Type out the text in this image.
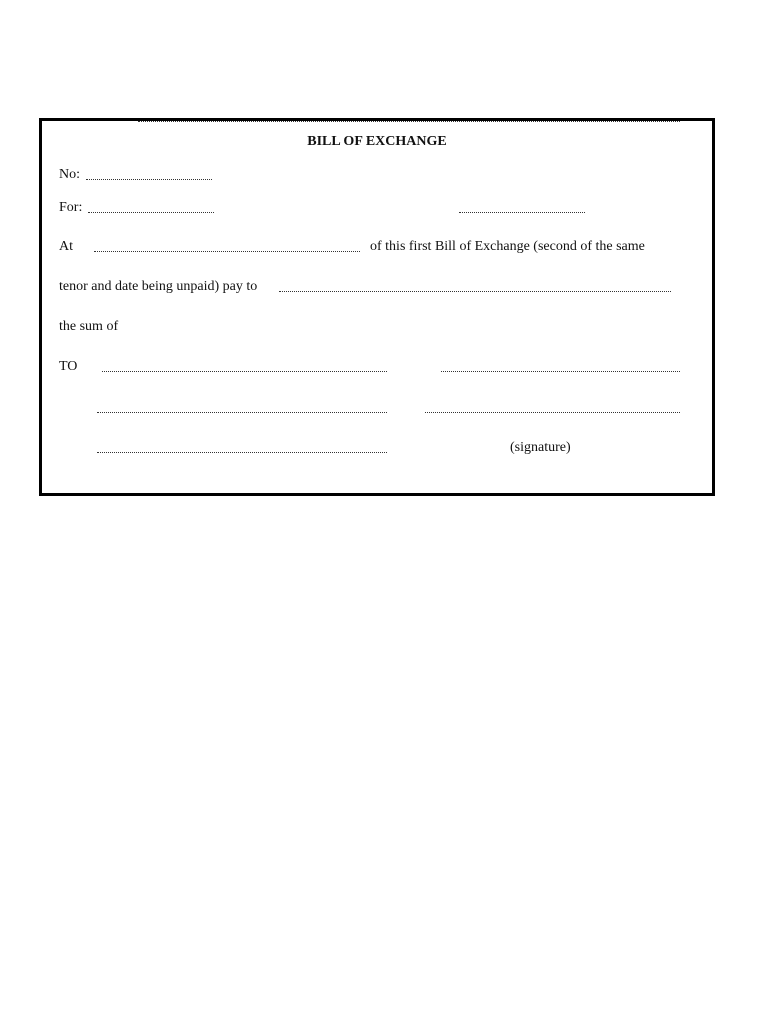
BILL OF EXCHANGE
No:
For:
At	of this first Bill of Exchange (second of the same
tenor and date being unpaid) pay to
the sum of
TO
(signature)
